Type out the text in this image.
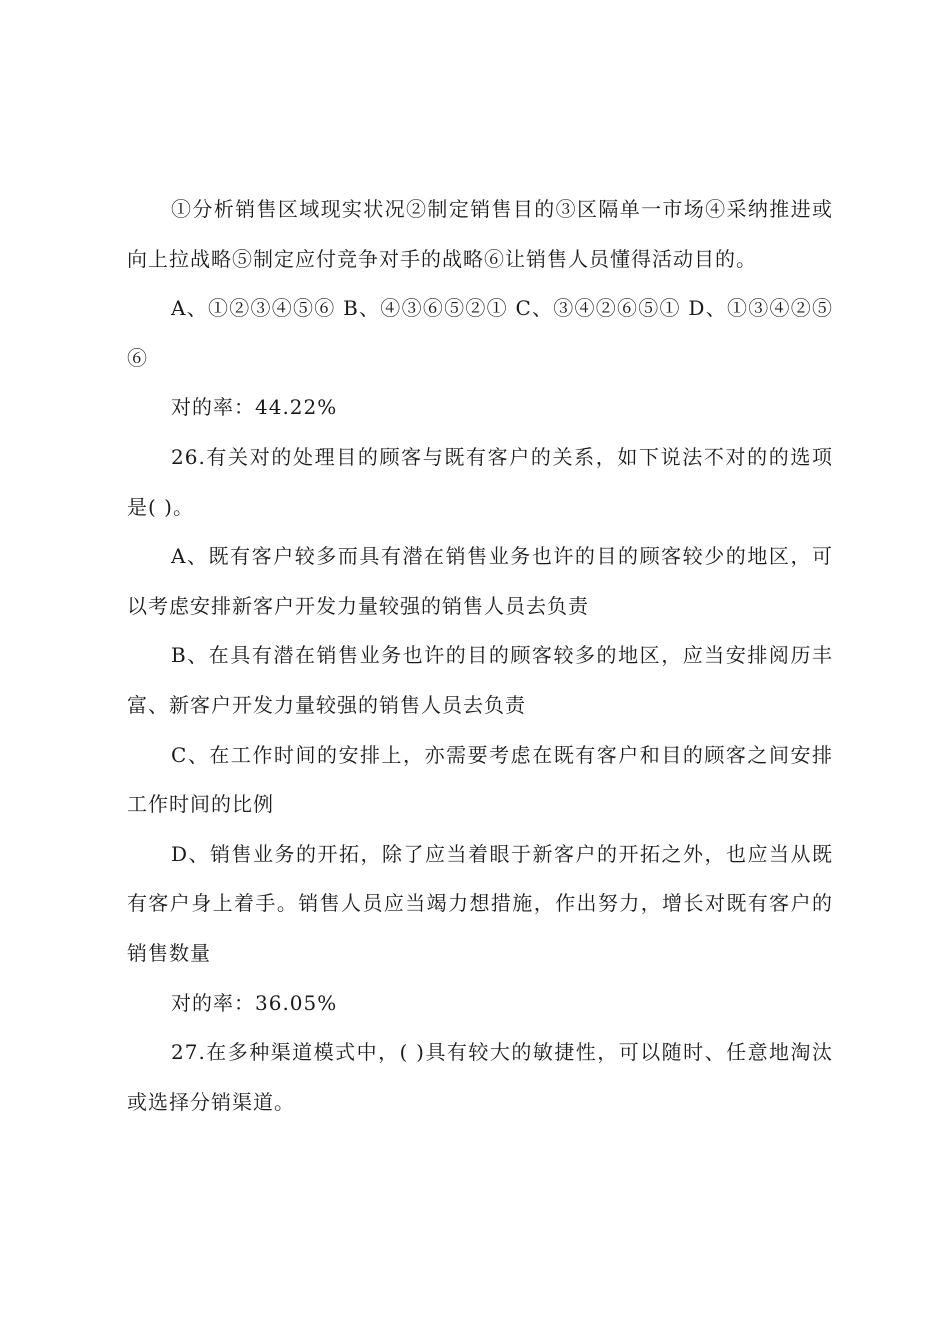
①分析销售区域现实状况②制定销售目的③区隔单一市场④采纳推进或向上拉战略⑤制定应付竞争对手的战略⑥让销售人员懂得活动目的。

A、①②③④⑤⑥ B、④③⑥⑤②① C、③④②⑥⑤① D、①③④②⑤⑥

对的率：44.22%

26.有关对的处理目的顾客与既有客户的关系，如下说法不对的的选项是( )。

A、既有客户较多而具有潜在销售业务也许的目的顾客较少的地区，可以考虑安排新客户开发力量较强的销售人员去负责

B、在具有潜在销售业务也许的目的顾客较多的地区，应当安排阅历丰富、新客户开发力量较强的销售人员去负责

C、在工作时间的安排上，亦需要考虑在既有客户和目的顾客之间安排工作时间的比例

D、销售业务的开拓，除了应当着眼于新客户的开拓之外，也应当从既有客户身上着手。销售人员应当竭力想措施，作出努力，增长对既有客户的销售数量

对的率：36.05%

27.在多种渠道模式中，( )具有较大的敏捷性，可以随时、任意地淘汰或选择分销渠道。
